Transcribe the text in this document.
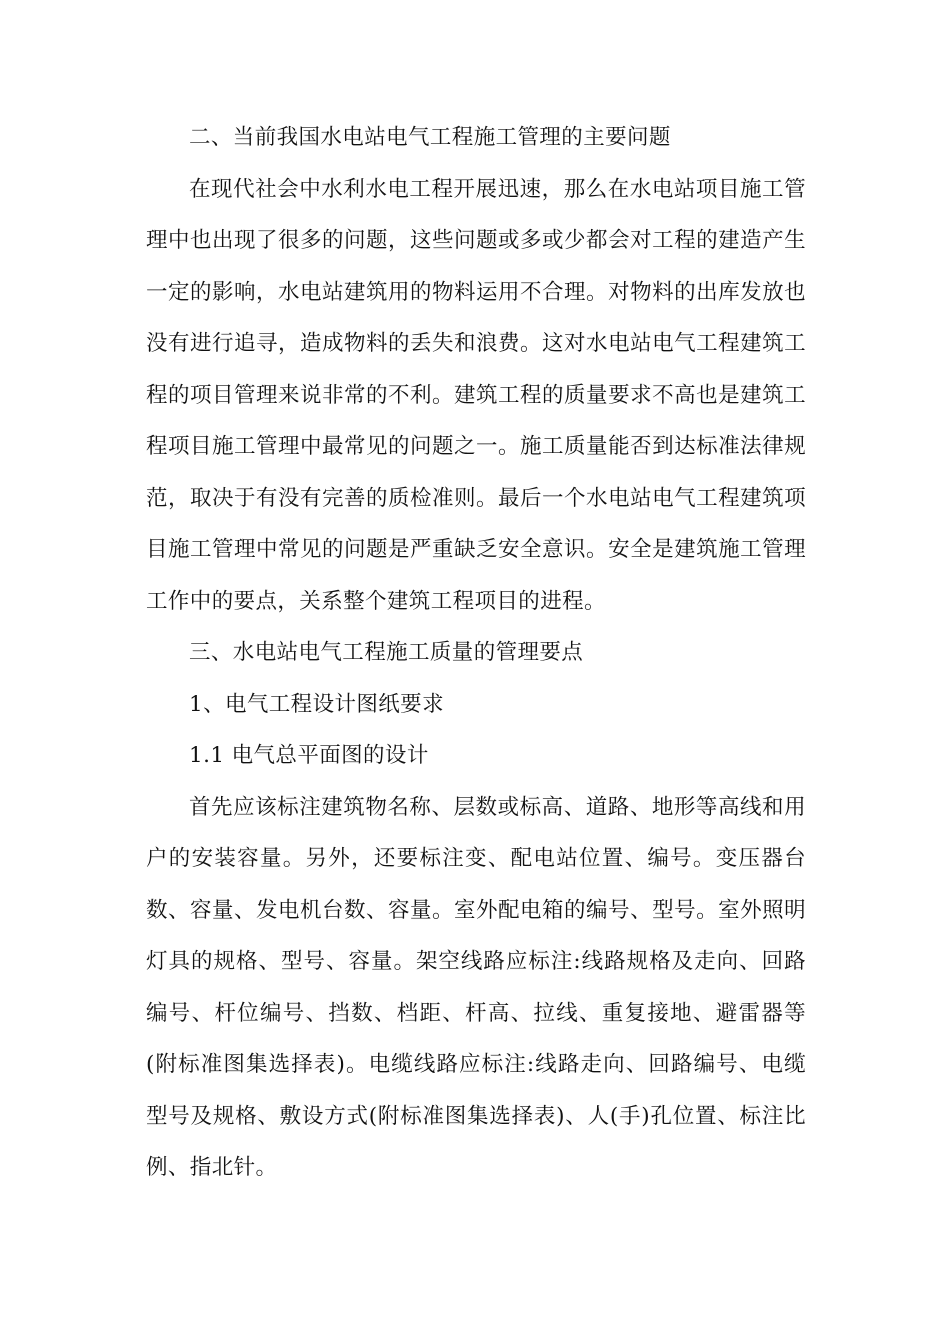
二、当前我国水电站电气工程施工管理的主要问题

在现代社会中水利水电工程开展迅速，那么在水电站项目施工管理中也出现了很多的问题，这些问题或多或少都会对工程的建造产生一定的影响，水电站建筑用的物料运用不合理。对物料的出库发放也没有进行追寻，造成物料的丢失和浪费。这对水电站电气工程建筑工程的项目管理来说非常的不利。建筑工程的质量要求不高也是建筑工程项目施工管理中最常见的问题之一。施工质量能否到达标准法律规范，取决于有没有完善的质检准则。最后一个水电站电气工程建筑项目施工管理中常见的问题是严重缺乏安全意识。安全是建筑施工管理工作中的要点，关系整个建筑工程项目的进程。

三、水电站电气工程施工质量的管理要点

1、电气工程设计图纸要求

1.1 电气总平面图的设计

首先应该标注建筑物名称、层数或标高、道路、地形等高线和用户的安装容量。另外，还要标注变、配电站位置、编号。变压器台数、容量、发电机台数、容量。室外配电箱的编号、型号。室外照明灯具的规格、型号、容量。架空线路应标注:线路规格及走向、回路编号、杆位编号、挡数、档距、杆高、拉线、重复接地、避雷器等(附标准图集选择表)。电缆线路应标注:线路走向、回路编号、电缆型号及规格、敷设方式(附标准图集选择表)、人(手)孔位置、标注比例、指北针。
